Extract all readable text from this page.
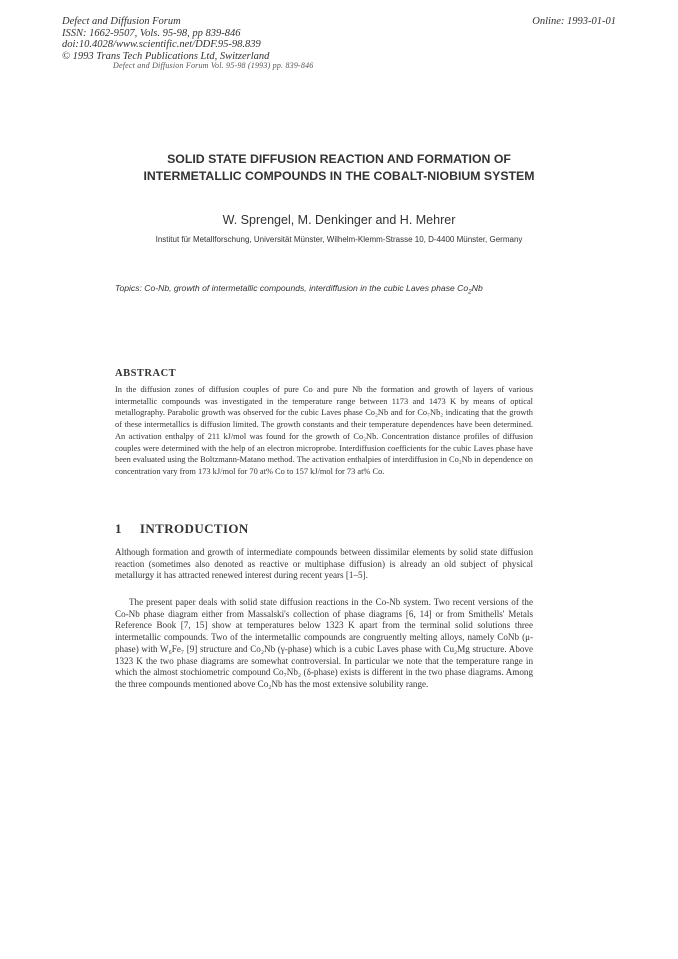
Defect and Diffusion Forum
ISSN: 1662-9507, Vols. 95-98, pp 839-846
doi:10.4028/www.scientific.net/DDF.95-98.839
© 1993 Trans Tech Publications Ltd, Switzerland
Online: 1993-01-01
Defect and Diffusion Forum Vol. 95-98 (1993) pp. 839-846
SOLID STATE DIFFUSION REACTION AND FORMATION OF
INTERMETALLIC COMPOUNDS IN THE COBALT-NIOBIUM SYSTEM
W. Sprengel, M. Denkinger and H. Mehrer
Institut für Metallforschung, Universität Münster, Wilhelm-Klemm-Strasse 10, D-4400 Münster, Germany
Topics: Co-Nb, growth of intermetallic compounds, interdiffusion in the cubic Laves phase $Co_2Nb$
ABSTRACT

In the diffusion zones of diffusion couples of pure Co and pure Nb the formation and growth of layers of various intermetallic compounds was investigated in the temperature range between 1173 and 1473 K by means of optical metallography. Parabolic growth was observed for the cubic Laves phase Co₂Nb and for Co₇Nb₂ indicating that the growth of these intermetallics is diffusion limited. The growth constants and their temperature dependences have been determined. An activation enthalpy of 211 kJ/mol was found for the growth of Co₂Nb. Concentration distance profiles of diffusion couples were determined with the help of an electron microprobe. Interdiffusion coefficients for the cubic Laves phase have been evaluated using the Boltzmann-Matano method. The activation enthalpies of interdiffusion in Co₂Nb in dependence on concentration vary from 173 kJ/mol for 70 at% Co to 157 kJ/mol for 73 at% Co.

1 INTRODUCTION

Although formation and growth of intermediate compounds between dissimilar elements by solid state diffusion reaction (sometimes also denoted as reactive or multiphase diffusion) is already an old subject of physical metallurgy it has attracted renewed interest during recent years [1–5].

The present paper deals with solid state diffusion reactions in the Co-Nb system. Two recent versions of the Co-Nb phase diagram either from Massalski's collection of phase diagrams [6, 14] or from Smithells' Metals Reference Book [7, 15] show at temperatures below 1323 K apart from the terminal solid solutions three intermetallic compounds. Two of the intermetallic compounds are congruently melting alloys, namely CoNb (μ-phase) with W₆Fe₇ [9] structure and Co₂Nb (γ-phase) which is a cubic Laves phase with Cu₂Mg structure. Above 1323 K the two phase diagrams are somewhat controversial. In particular we note that the temperature range in which the almost stochiometric compound Co₇Nb₂ (δ-phase) exists is different in the two phase diagrams. Among the three compounds mentioned above Co₂Nb has the most extensive solubility range.
